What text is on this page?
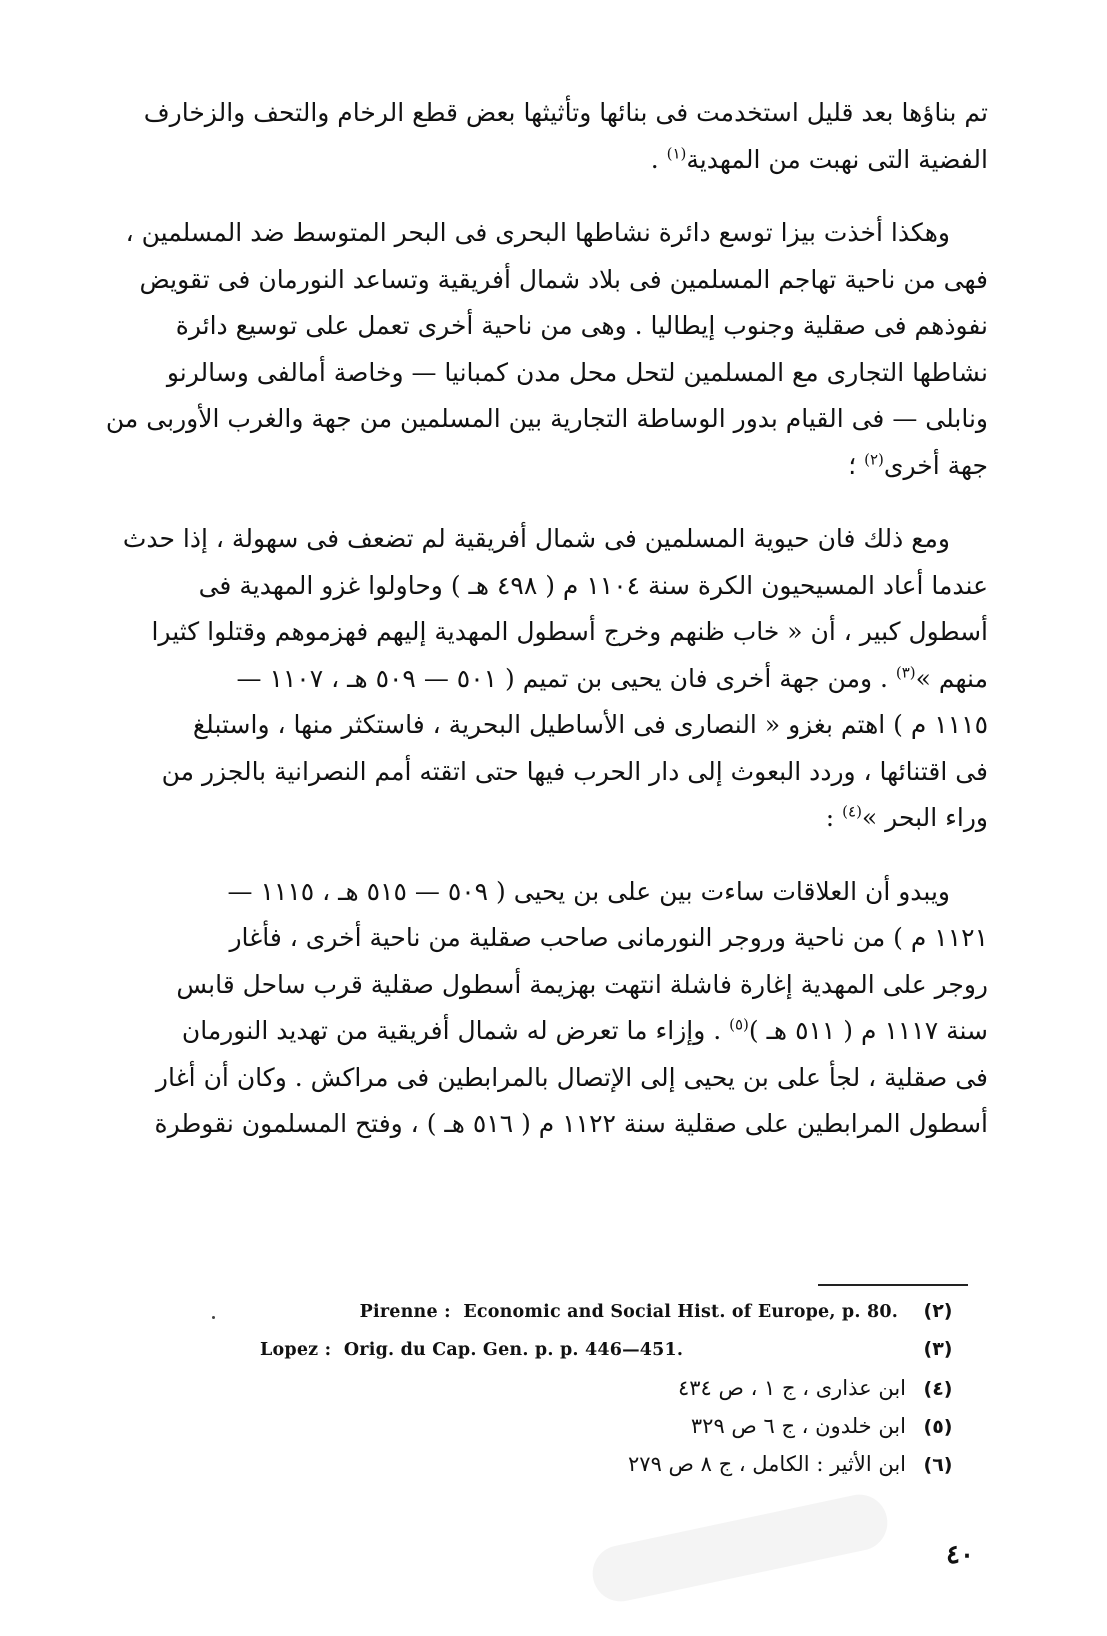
تم بناؤها بعد قليل استخدمت فى بنائها وتأثيثها بعض قطع الرخام والتحف والزخارف
الفضية التى نهبت من المهدية$^{(١)}$ .

وهكذا أخذت بيزا توسع دائرة نشاطها البحرى فى البحر المتوسط ضد المسلمين ،
فهى من ناحية تهاجم المسلمين فى بلاد شمال أفريقية وتساعد النورمان فى تقويض
نفوذهم فى صقلية وجنوب إيطاليا . وهى من ناحية أخرى تعمل على توسيع دائرة
نشاطها التجارى مع المسلمين لتحل محل مدن كمبانيا — وخاصة أمالفى وسالرنو
ونابلى — فى القيام بدور الوساطة التجارية بين المسلمين من جهة والغرب الأوربى من
جهة أخرى$^{(٢)}$ ؛

ومع ذلك فان حيوية المسلمين فى شمال أفريقية لم تضعف فى سهولة ، إذا حدث
عندما أعاد المسيحيون الكرة سنة ١١٠٤ م ( ٤٩٨ هـ ) وحاولوا غزو المهدية فى
أسطول كبير ، أن « خاب ظنهم وخرج أسطول المهدية إليهم فهزموهم وقتلوا كثيرا
منهم »$^{(٣)}$ . ومن جهة أخرى فان يحيى بن تميم ( ٥٠١ — ٥٠٩ هـ ، ١١٠٧ —
١١١٥ م ) اهتم بغزو « النصارى فى الأساطيل البحرية ، فاستكثر منها ، واستبلغ
فى اقتنائها ، وردد البعوث إلى دار الحرب فيها حتى اتقته أمم النصرانية بالجزر من
وراء البحر »$^{(٤)}$ :

ويبدو أن العلاقات ساءت بين على بن يحيى ( ٥٠٩ — ٥١٥ هـ ، ١١١٥ —
١١٢١ م ) من ناحية وروجر النورمانى صاحب صقلية من ناحية أخرى ، فأغار
روجر على المهدية إغارة فاشلة انتهت بهزيمة أسطول صقلية قرب ساحل قابس
سنة ١١١٧ م ( ٥١١ هـ )$^{(٥)}$ . وإزاء ما تعرض له شمال أفريقية من تهديد النورمان
فى صقلية ، لجأ على بن يحيى إلى الإتصال بالمرابطين فى مراكش . وكان أن أغار
أسطول المرابطين على صقلية سنة ١١٢٢ م ( ٥١٦ هـ ) ، وفتح المسلمون نقوطرة

(٢)
Pirenne : Economic and Social Hist. of Europe, p. 80.
(٣)
Lopez : Orig. du Cap. Gen. p. p. 446—451.
(٤)
ابن عذارى ، ج ١ ، ص ٤٣٤
(٥)
ابن خلدون ، ج ٦ ص ٣٢٩
(٦)
ابن الأثير : الكامل ، ج ٨ ص ٢٧٩
٤٠
